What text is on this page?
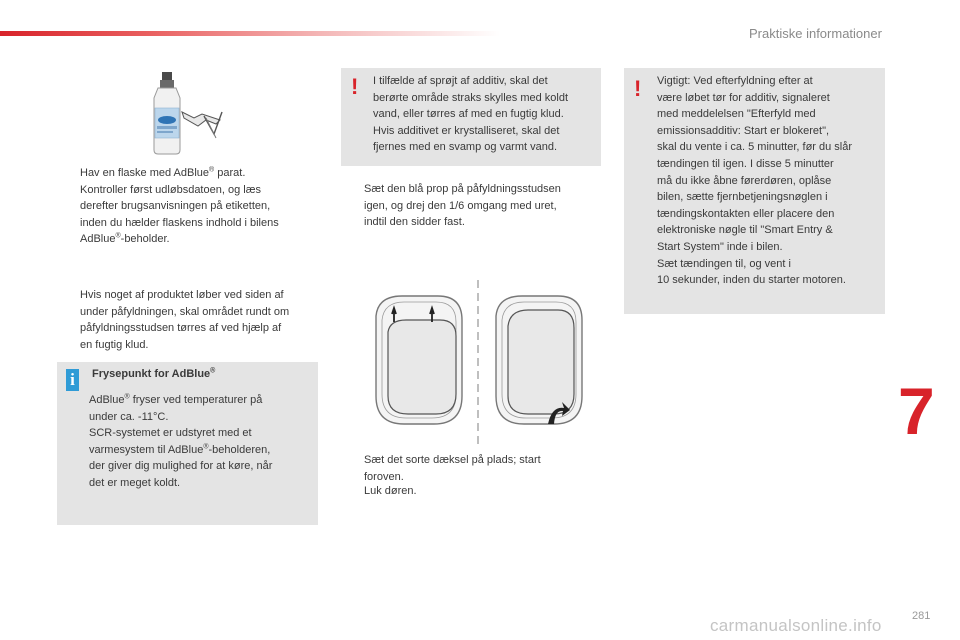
Praktiske informationer
7
281
carmanualsonline.info
Hav en flaske med AdBlue® parat.
Kontroller først udløbsdatoen, og læs
derefter brugsanvisningen på etiketten,
inden du hælder flaskens indhold i bilens
AdBlue®-beholder.
Hvis noget af produktet løber ved siden af
under påfyldningen, skal området rundt om
påfyldningsstudsen tørres af ved hjælp af
en fugtig klud.
i	Frysepunkt for AdBlue®
AdBlue® fryser ved temperaturer på
under ca. -11°C.
SCR-systemet er udstyret med et
varmesystem til AdBlue®-beholderen,
der giver dig mulighed for at køre, når
det er meget koldt.
! I tilfælde af sprøjt af additiv, skal det
berørte område straks skylles med koldt
vand, eller tørres af med en fugtig klud.
Hvis additivet er krystalliseret, skal det
fjernes med en svamp og varmt vand.
Sæt den blå prop på påfyldningsstudsen
igen, og drej den 1/6 omgang med uret,
indtil den sidder fast.
Sæt det sorte dæksel på plads; start
foroven.
Luk døren.
! Vigtigt: Ved efterfyldning efter at
være løbet tør for additiv, signaleret
med meddelelsen "Efterfyld med
emissionsadditiv: Start er blokeret",
skal du vente i ca. 5 minutter, før du slår
tændingen til igen. I disse 5 minutter
må du ikke åbne førerdøren, oplåse
bilen, sætte fjernbetjeningsnøglen i
tændingskontakten eller placere den
elektroniske nøgle til "Smart Entry &
Start System" inde i bilen.
Sæt tændingen til, og vent i
10 sekunder, inden du starter motoren.
